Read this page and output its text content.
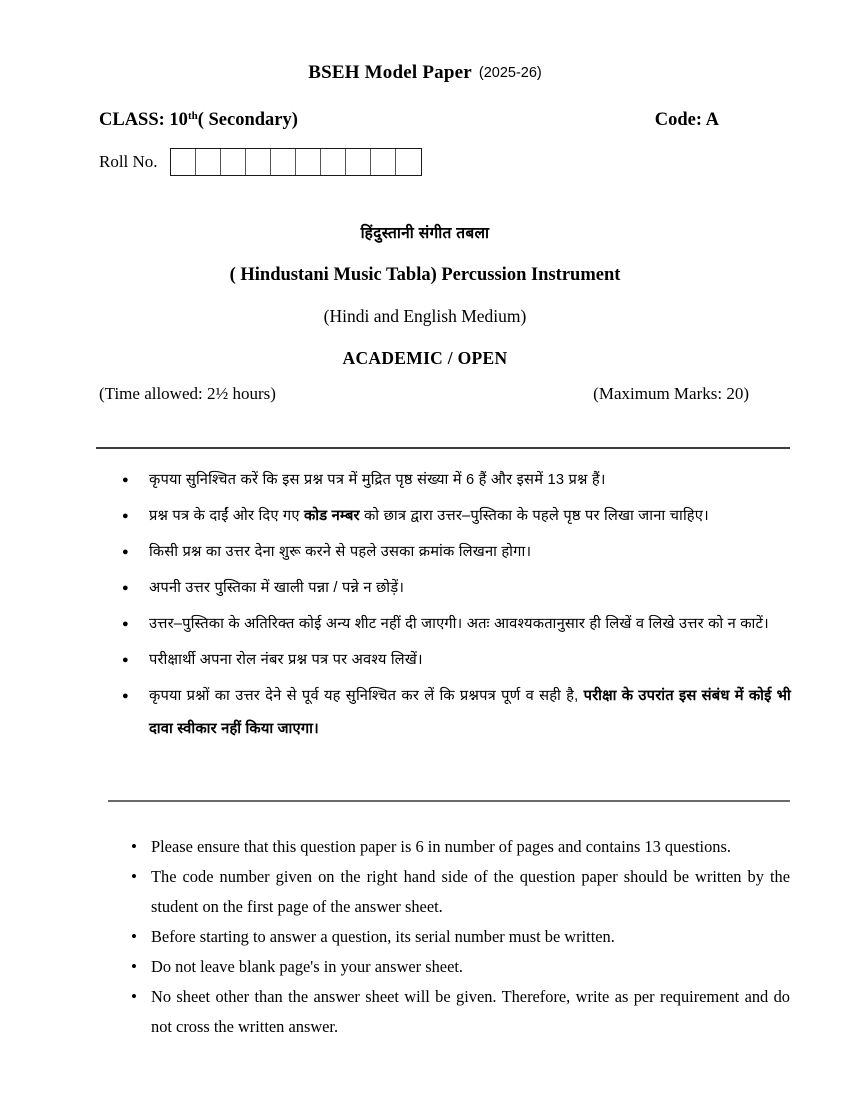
BSEH Model Paper (2025-26)
CLASS: 10th( Secondary)	Code: A
Roll No.
हिंदुस्तानी संगीत तबला
( Hindustani Music Tabla) Percussion Instrument
(Hindi and English Medium)
ACADEMIC / OPEN
(Time allowed: 2½ hours)	(Maximum Marks: 20)
● कृपया सुनिश्चित करें कि इस प्रश्न पत्र में मुद्रित पृष्ठ संख्या में 6 हैं और इसमें 13 प्रश्न हैं।
● प्रश्न पत्र के दाईं ओर दिए गए कोड नम्बर को छात्र द्वारा उत्तर–पुस्तिका के पहले पृष्ठ पर लिखा जाना चाहिए।
● किसी प्रश्न का उत्तर देना शुरू करने से पहले उसका क्रमांक लिखना होगा।
● अपनी उत्तर पुस्तिका में खाली पन्ना / पन्ने न छोड़ें।
● उत्तर–पुस्तिका के अतिरिक्त कोई अन्य शीट नहीं दी जाएगी। अतः आवश्यकतानुसार ही लिखें व लिखे उत्तर को न काटें।
● परीक्षार्थी अपना रोल नंबर प्रश्न पत्र पर अवश्य लिखें।
● कृपया प्रश्नों का उत्तर देने से पूर्व यह सुनिश्चित कर लें कि प्रश्नपत्र पूर्ण व सही है, परीक्षा के उपरांत इस संबंध में कोई भी दावा स्वीकार नहीं किया जाएगा।
• Please ensure that this question paper is 6 in number of pages and contains 13 questions.
• The code number given on the right hand side of the question paper should be written by the student on the first page of the answer sheet.
• Before starting to answer a question, its serial number must be written.
• Do not leave blank page's in your answer sheet.
• No sheet other than the answer sheet will be given. Therefore, write as per requirement and do not cross the written answer.
